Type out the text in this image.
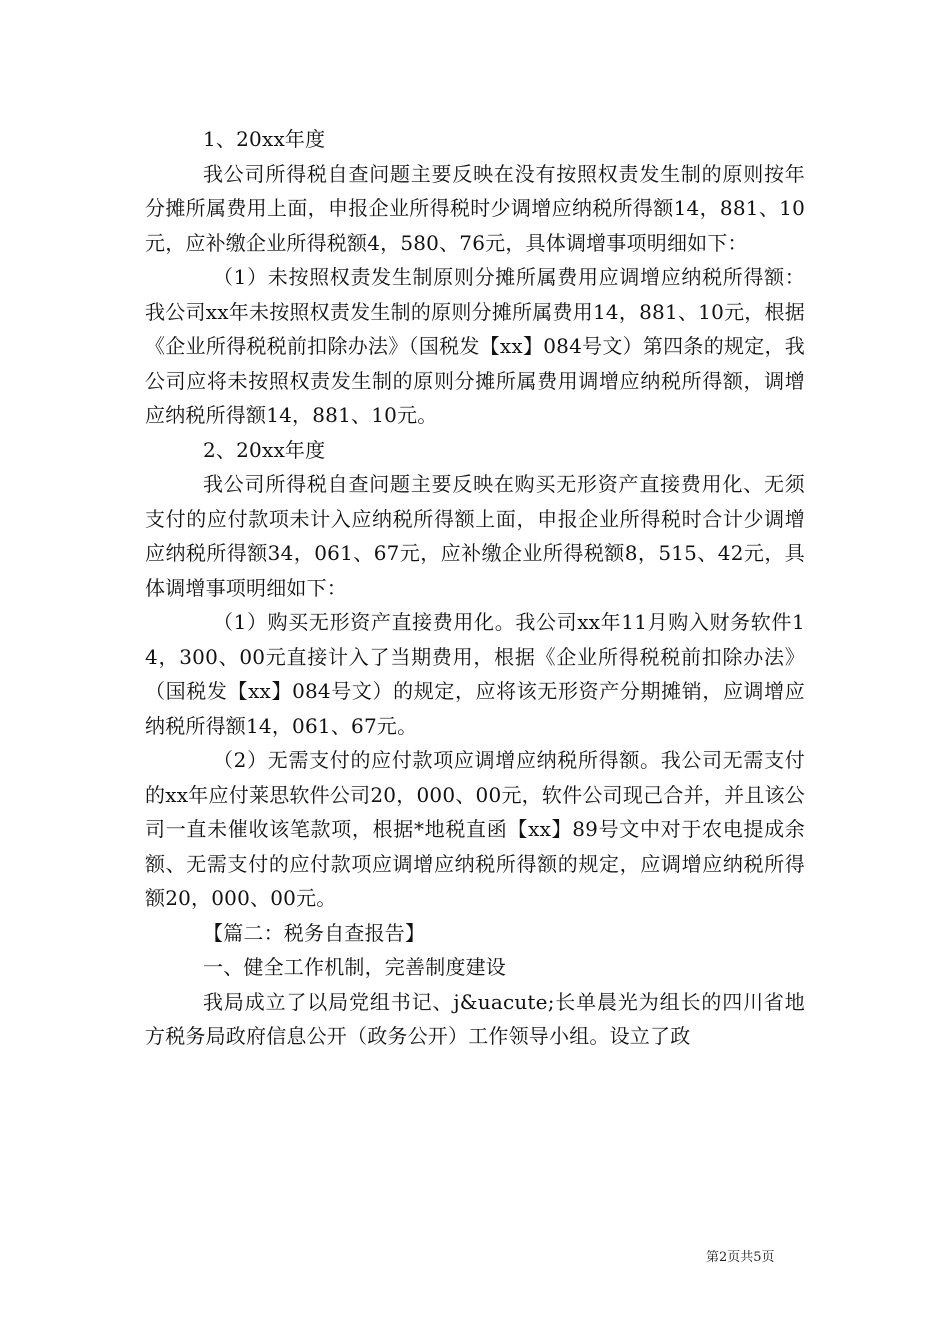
1、20xx年度

我公司所得税自查问题主要反映在没有按照权责发生制的原则按年分摊所属费用上面，申报企业所得税时少调增应纳税所得额14，881、10元，应补缴企业所得税额4，580、76元，具体调增事项明细如下：

（1）未按照权责发生制原则分摊所属费用应调增应纳税所得额：我公司xx年未按照权责发生制的原则分摊所属费用14，881、10元，根据《企业所得税税前扣除办法》（国税发【xx】084号文）第四条的规定，我公司应将未按照权责发生制的原则分摊所属费用调增应纳税所得额，调增应纳税所得额14，881、10元。

2、20xx年度

我公司所得税自查问题主要反映在购买无形资产直接费用化、无须支付的应付款项未计入应纳税所得额上面，申报企业所得税时合计少调增应纳税所得额34，061、67元，应补缴企业所得税额8，515、42元，具体调增事项明细如下：

（1）购买无形资产直接费用化。我公司xx年11月购入财务软件14，300、00元直接计入了当期费用，根据《企业所得税税前扣除办法》（国税发【xx】084号文）的规定，应将该无形资产分期摊销，应调增应纳税所得额14，061、67元。

（2）无需支付的应付款项应调增应纳税所得额。我公司无需支付的xx年应付莱思软件公司20，000、00元，软件公司现己合并，并且该公司一直未催收该笔款项，根据*地税直函【xx】89号文中对于农电提成余额、无需支付的应付款项应调增应纳税所得额的规定，应调增应纳税所得额20，000、00元。

【篇二：税务自查报告】

一、健全工作机制，完善制度建设

我局成立了以局党组书记、j&uacute;长单晨光为组长的四川省地方税务局政府信息公开（政务公开）工作领导小组。设立了政

第2页共5页
